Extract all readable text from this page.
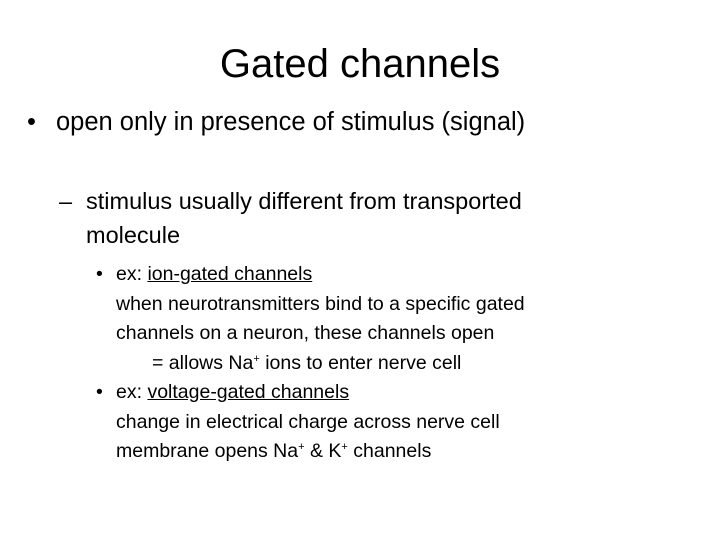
Gated channels
• open only in presence of stimulus (signal)
– stimulus usually different from transported
molecule
• ex: ion-gated channels
when neurotransmitters bind to a specific gated
channels on a neuron, these channels open
= allows Na+ ions to enter nerve cell
• ex: voltage-gated channels
change in electrical charge across nerve cell
membrane opens Na+ & K+ channels
